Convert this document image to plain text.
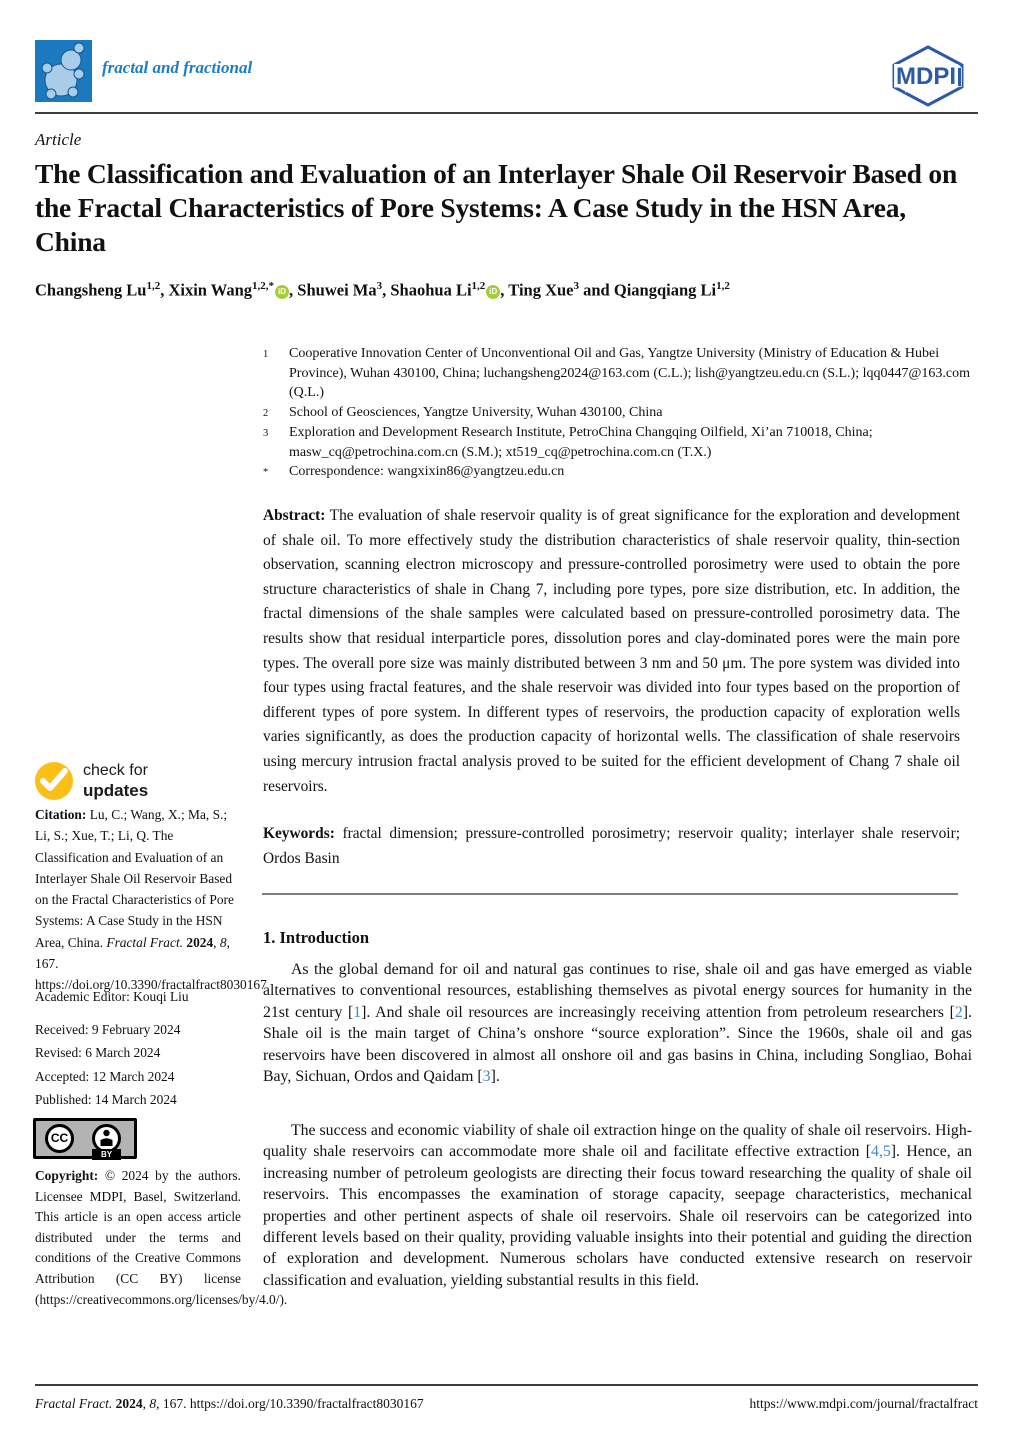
fractal and fractional	MDPI
Article
The Classification and Evaluation of an Interlayer Shale Oil Reservoir Based on the Fractal Characteristics of Pore Systems: A Case Study in the HSN Area, China
Changsheng Lu$^{1,2}$, Xixin Wang$^{1,2,*}$ iD , Shuwei Ma$^3$, Shaohua Li$^{1,2}$ iD , Ting Xue$^3$ and Qiangqiang Li$^{1,2}$
1	Cooperative Innovation Center of Unconventional Oil and Gas, Yangtze University (Ministry of Education & Hubei Province), Wuhan 430100, China; luchangsheng2024@163.com (C.L.); lish@yangtzeu.edu.cn (S.L.); lqq0447@163.com (Q.L.)
2	School of Geosciences, Yangtze University, Wuhan 430100, China
3	Exploration and Development Research Institute, PetroChina Changqing Oilfield, Xi’an 710018, China; masw_cq@petrochina.com.cn (S.M.); xt519_cq@petrochina.com.cn (T.X.)
*	Correspondence: wangxixin86@yangtzeu.edu.cn
Abstract: The evaluation of shale reservoir quality is of great significance for the exploration and development of shale oil. To more effectively study the distribution characteristics of shale reservoir quality, thin-section observation, scanning electron microscopy and pressure-controlled porosimetry were used to obtain the pore structure characteristics of shale in Chang 7, including pore types, pore size distribution, etc. In addition, the fractal dimensions of the shale samples were calculated based on pressure-controlled porosimetry data. The results show that residual interparticle pores, dissolution pores and clay-dominated pores were the main pore types. The overall pore size was mainly distributed between 3 nm and 50 μm. The pore system was divided into four types using fractal features, and the shale reservoir was divided into four types based on the proportion of different types of pore system. In different types of reservoirs, the production capacity of exploration wells varies significantly, as does the production capacity of horizontal wells. The classification of shale reservoirs using mercury intrusion fractal analysis proved to be suited for the efficient development of Chang 7 shale oil reservoirs.
Keywords: fractal dimension; pressure-controlled porosimetry; reservoir quality; interlayer shale reservoir; Ordos Basin
1. Introduction

As the global demand for oil and natural gas continues to rise, shale oil and gas have emerged as viable alternatives to conventional resources, establishing themselves as pivotal energy sources for humanity in the 21st century [1]. And shale oil resources are increasingly receiving attention from petroleum researchers [2]. Shale oil is the main target of China’s onshore “source exploration”. Since the 1960s, shale oil and gas reservoirs have been discovered in almost all onshore oil and gas basins in China, including Songliao, Bohai Bay, Sichuan, Ordos and Qaidam [3].

The success and economic viability of shale oil extraction hinge on the quality of shale oil reservoirs. High-quality shale reservoirs can accommodate more shale oil and facilitate effective extraction [4,5]. Hence, an increasing number of petroleum geologists are directing their focus toward researching the quality of shale oil reservoirs. This encompasses the examination of storage capacity, seepage characteristics, mechanical properties and other pertinent aspects of shale oil reservoirs. Shale oil reservoirs can be categorized into different levels based on their quality, providing valuable insights into their potential and guiding the direction of exploration and development. Numerous scholars have conducted extensive research on reservoir classification and evaluation, yielding substantial results in this field.

check for
updates
Citation: Lu, C.; Wang, X.; Ma, S.; Li, S.; Xue, T.; Li, Q. The Classification and Evaluation of an Interlayer Shale Oil Reservoir Based on the Fractal Characteristics of Pore Systems: A Case Study in the HSN Area, China. Fractal Fract. 2024, 8, 167. https://doi.org/10.3390/fractalfract8030167
Academic Editor: Kouqi Liu
Received: 9 February 2024
Revised: 6 March 2024
Accepted: 12 March 2024
Published: 14 March 2024
CC
BY
Copyright: © 2024 by the authors. Licensee MDPI, Basel, Switzerland. This article is an open access article distributed under the terms and conditions of the Creative Commons Attribution (CC BY) license (https://creativecommons.org/licenses/by/4.0/).
Fractal Fract. 2024, 8, 167. https://doi.org/10.3390/fractalfract8030167	https://www.mdpi.com/journal/fractalfract
